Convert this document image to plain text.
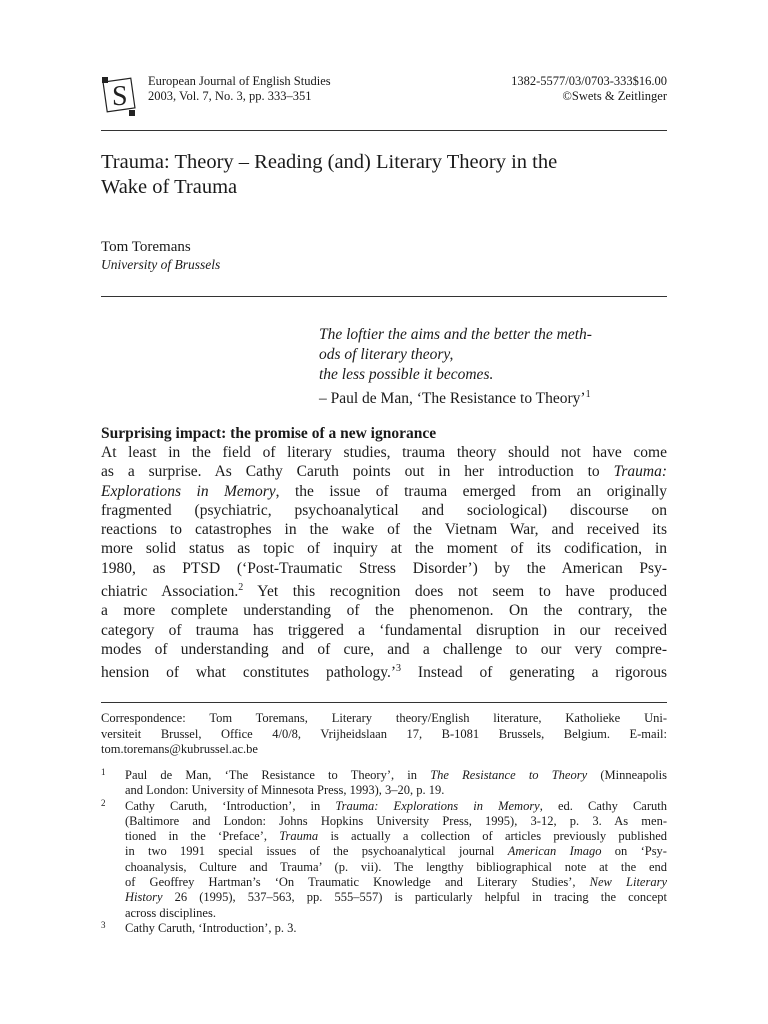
S European Journal of English Studies
2003, Vol. 7, No. 3, pp. 333–351
1382-5577/03/0703-333$16.00
©Swets & Zeitlinger
Trauma: Theory – Reading (and) Literary Theory in the
Wake of Trauma
Tom Toremans
University of Brussels
The loftier the aims and the better the meth-
ods of literary theory,
the less possible it becomes.
– Paul de Man, ‘The Resistance to Theory’$^1$
Surprising impact: the promise of a new ignorance
At least in the field of literary studies, trauma theory should not have come
as a surprise. As Cathy Caruth points out in her introduction to Trauma:
Explorations in Memory, the issue of trauma emerged from an originally
fragmented (psychiatric, psychoanalytical and sociological) discourse on
reactions to catastrophes in the wake of the Vietnam War, and received its
more solid status as topic of inquiry at the moment of its codification, in
1980, as PTSD (‘Post-Traumatic Stress Disorder’) by the American Psy-
chiatric Association.$^2$ Yet this recognition does not seem to have produced
a more complete understanding of the phenomenon. On the contrary, the
category of trauma has triggered a ‘fundamental disruption in our received
modes of understanding and of cure, and a challenge to our very compre-
hension of what constitutes pathology.’$^3$ Instead of generating a rigorous
Correspondence: Tom Toremans, Literary theory/English literature, Katholieke Uni-
versiteit Brussel, Office 4/0/8, Vrijheidslaan 17, B-1081 Brussels, Belgium. E-mail:
tom.toremans@kubrussel.ac.be
1 Paul de Man, ‘The Resistance to Theory’, in The Resistance to Theory (Minneapolis
and London: University of Minnesota Press, 1993), 3–20, p. 19.
2 Cathy Caruth, ‘Introduction’, in Trauma: Explorations in Memory, ed. Cathy Caruth
(Baltimore and London: Johns Hopkins University Press, 1995), 3-12, p. 3. As men-
tioned in the ‘Preface’, Trauma is actually a collection of articles previously published
in two 1991 special issues of the psychoanalytical journal American Imago on ‘Psy-
choanalysis, Culture and Trauma’ (p. vii). The lengthy bibliographical note at the end
of Geoffrey Hartman’s ‘On Traumatic Knowledge and Literary Studies’, New Literary
History 26 (1995), 537–563, pp. 555–557) is particularly helpful in tracing the concept
across disciplines.
3 Cathy Caruth, ‘Introduction’, p. 3.
